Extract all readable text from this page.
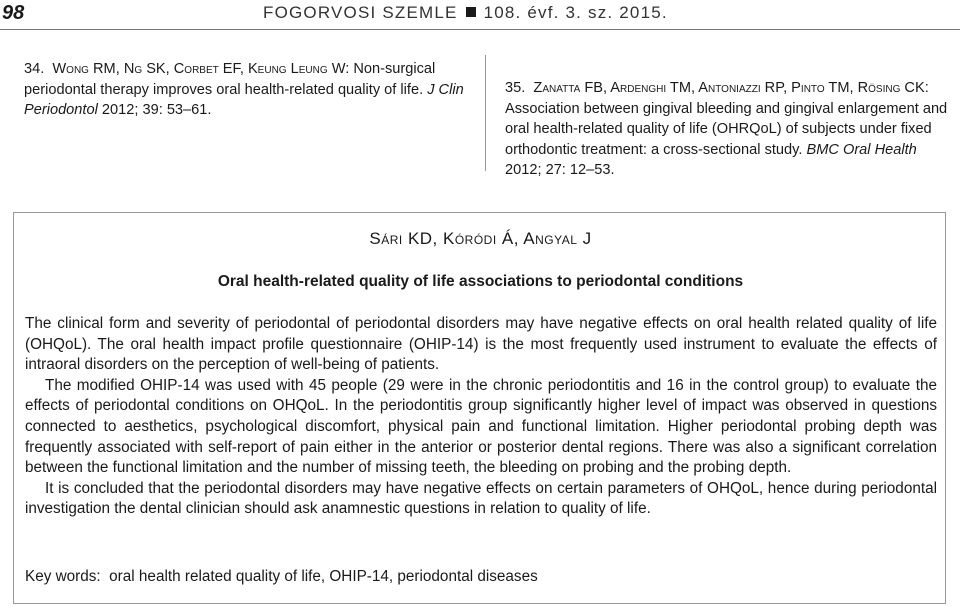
98	FOGORVOSI SZEMLE 108. évf. 3. sz. 2015.
34. Wong RM, Ng SK, Corbet EF, Keung Leung W: Non-surgical periodontal therapy improves oral health-related quality of life. J Clin Periodontol 2012; 39: 53–61.
35. Zanatta FB, Ardenghi TM, Antoniazzi RP, Pinto TM, Rösing CK: Association between gingival bleeding and gingival enlargement and oral health-related quality of life (OHRQoL) of subjects under fixed orthodontic treatment: a cross-sectional study. BMC Oral Health 2012; 27: 12–53.
Sári KD, Kóródi Á, Angyal J
Oral health-related quality of life associations to periodontal conditions

The clinical form and severity of periodontal of periodontal disorders may have negative effects on oral health related quality of life (OHQoL). The oral health impact profile questionnaire (OHIP-14) is the most frequently used instrument to evaluate the effects of intraoral disorders on the perception of well-being of patients.

The modified OHIP-14 was used with 45 people (29 were in the chronic periodontitis and 16 in the control group) to evaluate the effects of periodontal conditions on OHQoL. In the periodontitis group significantly higher level of impact was observed in questions connected to aesthetics, psychological discomfort, physical pain and functional limitation. Higher periodontal probing depth was frequently associated with self-report of pain either in the anterior or posterior dental regions. There was also a significant correlation between the functional limitation and the number of missing teeth, the bleeding on probing and the probing depth.

It is concluded that the periodontal disorders may have negative effects on certain parameters of OHQoL, hence during periodontal investigation the dental clinician should ask anamnestic questions in relation to quality of life.

Key words: oral health related quality of life, OHIP-14, periodontal diseases
